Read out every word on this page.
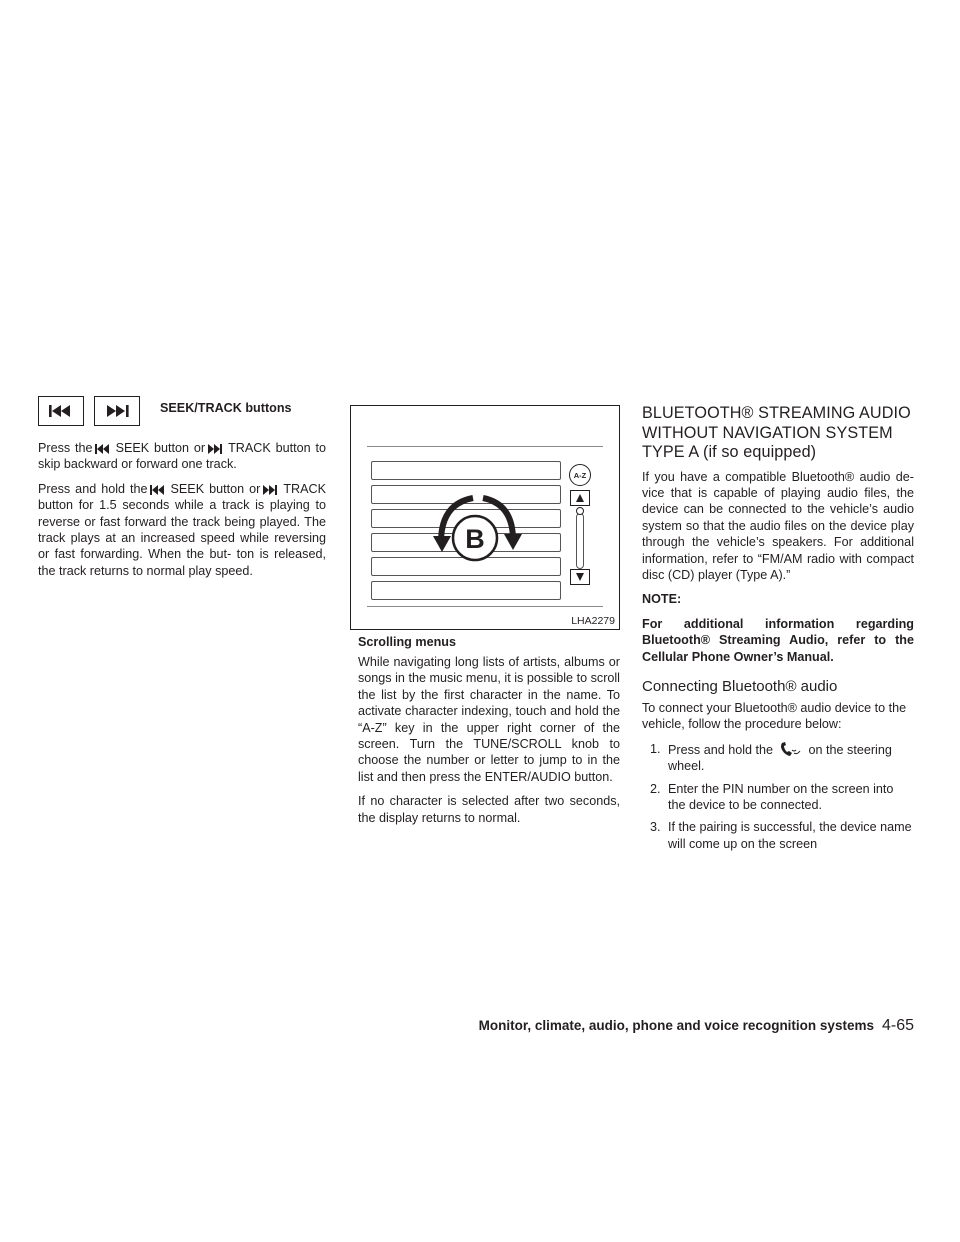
SEEK/TRACK buttons

Press the SEEK button or TRACK button to skip backward or forward one track.

Press and hold the SEEK button or TRACK button for 1.5 seconds while a track is playing to reverse or fast forward the track being played. The track plays at an increased speed while reversing or fast forwarding. When the but- ton is released, the track returns to normal play speed.

A-Z
B
LHA2279
Scrolling menus

While navigating long lists of artists, albums or songs in the music menu, it is possible to scroll the list by the first character in the name. To activate character indexing, touch and hold the “A-Z” key in the upper right corner of the screen. Turn the TUNE/SCROLL knob to choose the number or letter to jump to in the list and then press the ENTER/AUDIO button.

If no character is selected after two seconds, the display returns to normal.

BLUETOOTH® STREAMING AUDIO
WITHOUT NAVIGATION SYSTEM
TYPE A (if so equipped)

If you have a compatible Bluetooth® audio de- vice that is capable of playing audio files, the device can be connected to the vehicle’s audio system so that the audio files on the device play through the vehicle’s speakers. For additional information, refer to “FM/AM radio with compact disc (CD) player (Type A).”

NOTE:

For additional information regarding Bluetooth® Streaming Audio, refer to the Cellular Phone Owner’s Manual.

Connecting Bluetooth® audio

To connect your Bluetooth® audio device to the vehicle, follow the procedure below:

1. Press and hold the	on the steering wheel.
2. Enter the PIN number on the screen into the device to be connected.
3. If the pairing is successful, the device name will come up on the screen
Monitor, climate, audio, phone and voice recognition systems 4-65
